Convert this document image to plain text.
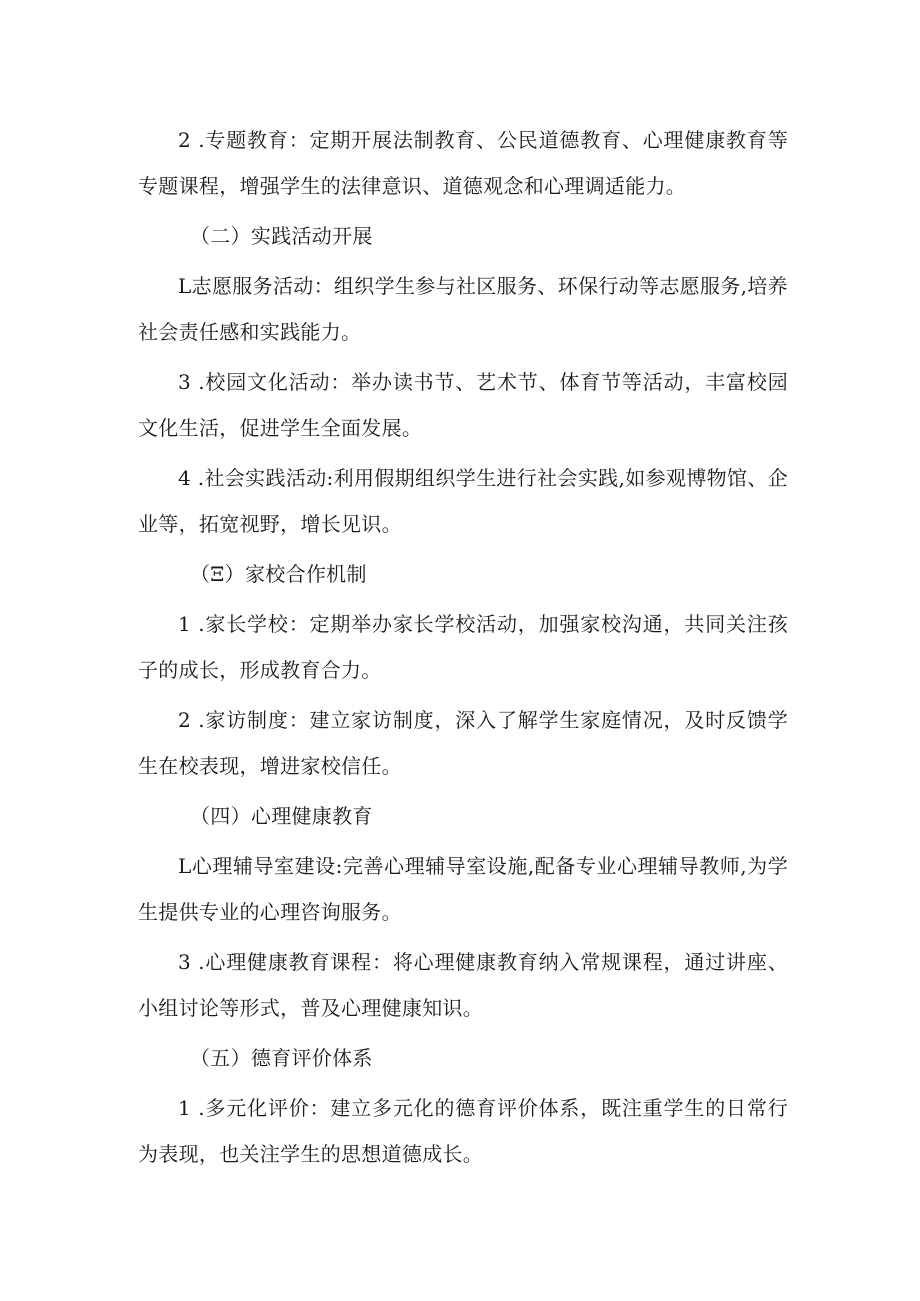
2 .专题教育：定期开展法制教育、公民道德教育、心理健康教育等专题课程，增强学生的法律意识、道德观念和心理调适能力。

（二）实践活动开展

L志愿服务活动：组织学生参与社区服务、环保行动等志愿服务,培养社会责任感和实践能力。

3 .校园文化活动：举办读书节、艺术节、体育节等活动，丰富校园文化生活，促进学生全面发展。

4 .社会实践活动:利用假期组织学生进行社会实践,如参观博物馆、企业等，拓宽视野，增长见识。

（Ξ）家校合作机制

1 .家长学校：定期举办家长学校活动，加强家校沟通，共同关注孩子的成长，形成教育合力。

2 .家访制度：建立家访制度，深入了解学生家庭情况，及时反馈学生在校表现，增进家校信任。

（四）心理健康教育

L心理辅导室建设:完善心理辅导室设施,配备专业心理辅导教师,为学生提供专业的心理咨询服务。

3 .心理健康教育课程：将心理健康教育纳入常规课程，通过讲座、小组讨论等形式，普及心理健康知识。

（五）德育评价体系

1 .多元化评价：建立多元化的德育评价体系，既注重学生的日常行为表现，也关注学生的思想道德成长。
